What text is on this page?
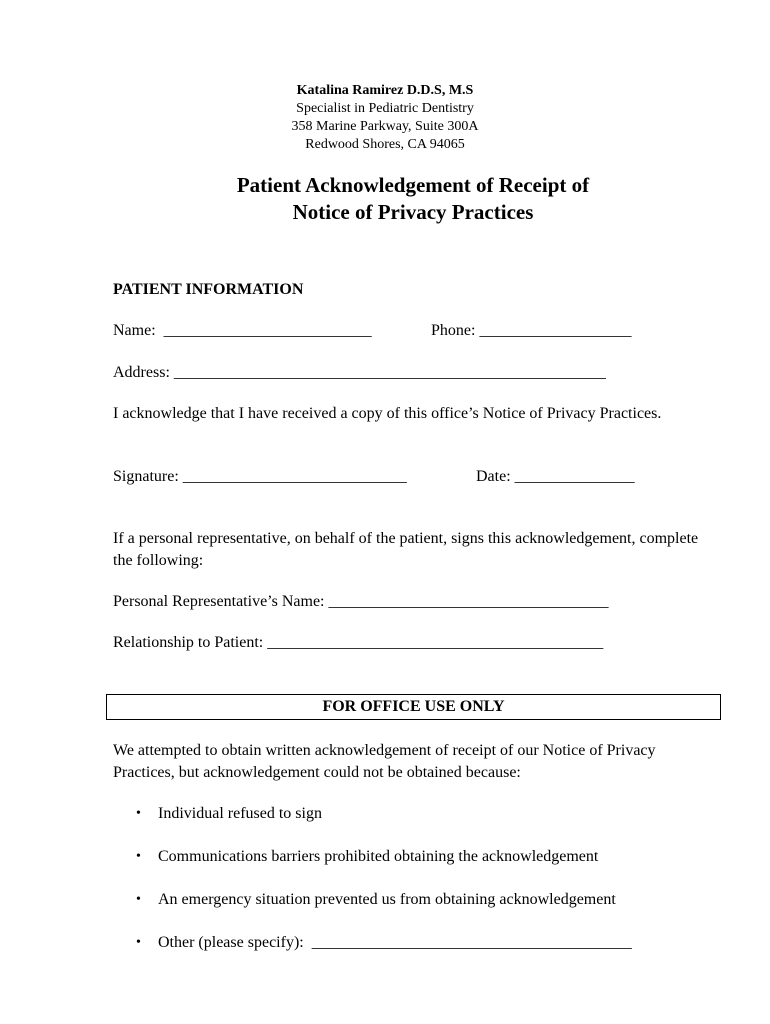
Katalina Ramirez D.D.S, M.S
Specialist in Pediatric Dentistry
358 Marine Parkway, Suite 300A
Redwood Shores, CA 94065
Patient Acknowledgement of Receipt of
Notice of Privacy Practices
PATIENT INFORMATION
Name:  __________________________	Phone: ___________________
Address: ______________________________________________________
I acknowledge that I have received a copy of this office’s Notice of Privacy Practices.
Signature: ____________________________	Date: _______________
If a personal representative, on behalf of the patient, signs this acknowledgement, complete the following:
Personal Representative’s Name: ___________________________________
Relationship to Patient: __________________________________________
FOR OFFICE USE ONLY
We attempted to obtain written acknowledgement of receipt of our Notice of Privacy Practices, but acknowledgement could not be obtained because:
• Individual refused to sign
• Communications barriers prohibited obtaining the acknowledgement
• An emergency situation prevented us from obtaining acknowledgement
• Other (please specify):  ________________________________________
